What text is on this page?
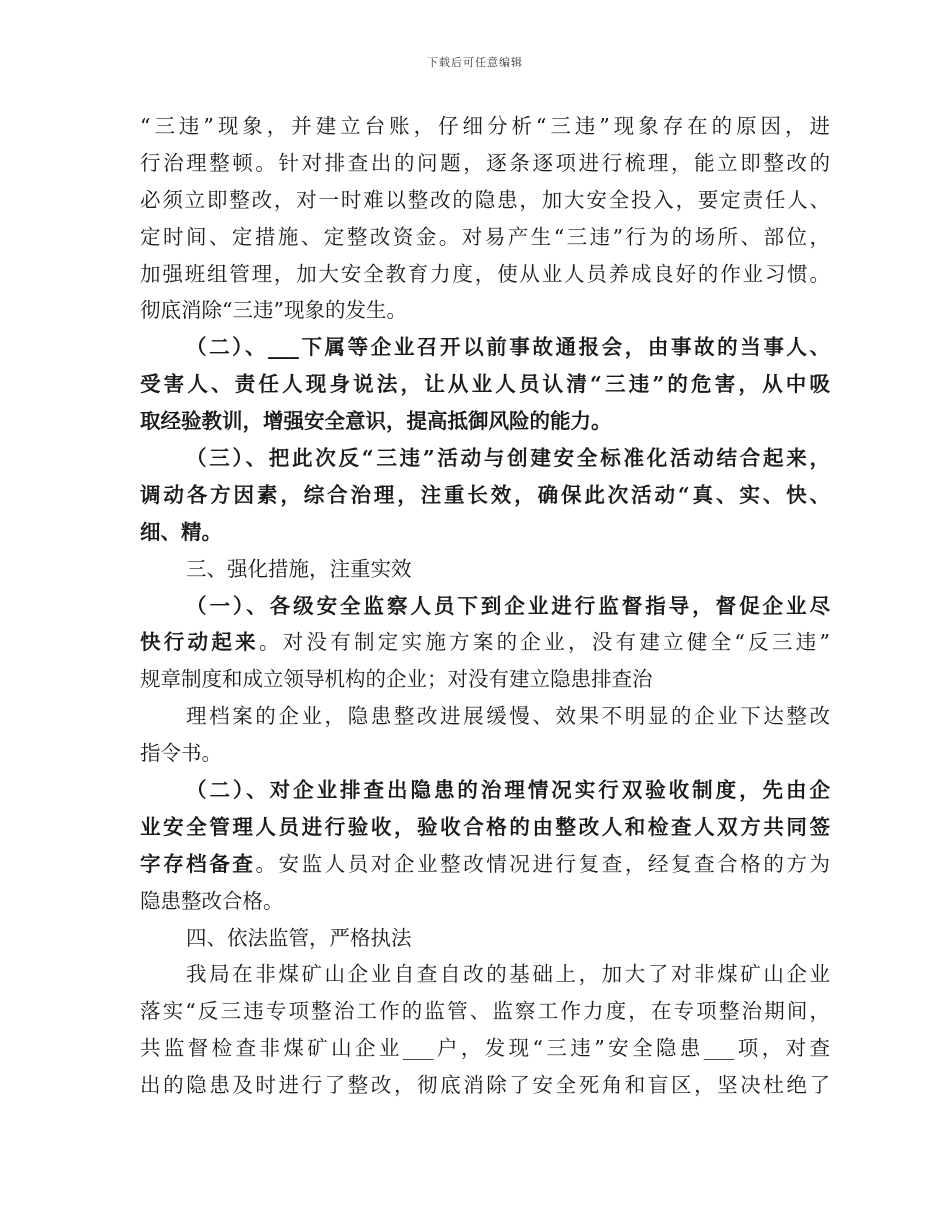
下载后可任意编辑
“三违”现象，并建立台账，仔细分析“三违”现象存在的原因，进
行治理整顿。针对排查出的问题，逐条逐项进行梳理，能立即整改的
必须立即整改，对一时难以整改的隐患，加大安全投入，要定责任人、
定时间、定措施、定整改资金。对易产生“三违”行为的场所、部位，
加强班组管理，加大安全教育力度，使从业人员养成良好的作业习惯。
彻底消除“三违”现象的发生。
（二）、___下属等企业召开以前事故通报会，由事故的当事人、
受害人、责任人现身说法，让从业人员认清“三违”的危害，从中吸
取经验教训，增强安全意识，提高抵御风险的能力。
（三）、把此次反“三违”活动与创建安全标准化活动结合起来，
调动各方因素，综合治理，注重长效，确保此次活动“真、实、快、
细、精。
三、强化措施，注重实效
（一）、各级安全监察人员下到企业进行监督指导，督促企业尽
快行动起来。对没有制定实施方案的企业，没有建立健全“反三违”
规章制度和成立领导机构的企业；对没有建立隐患排查治
理档案的企业，隐患整改进展缓慢、效果不明显的企业下达整改
指令书。
（二）、对企业排查出隐患的治理情况实行双验收制度，先由企
业安全管理人员进行验收，验收合格的由整改人和检查人双方共同签
字存档备查。安监人员对企业整改情况进行复查，经复查合格的方为
隐患整改合格。
四、依法监管，严格执法
我局在非煤矿山企业自查自改的基础上，加大了对非煤矿山企业
落实“反三违专项整治工作的监管、监察工作力度，在专项整治期间，
共监督检查非煤矿山企业___户，发现“三违”安全隐患___项，对查
出的隐患及时进行了整改，彻底消除了安全死角和盲区，坚决杜绝了
